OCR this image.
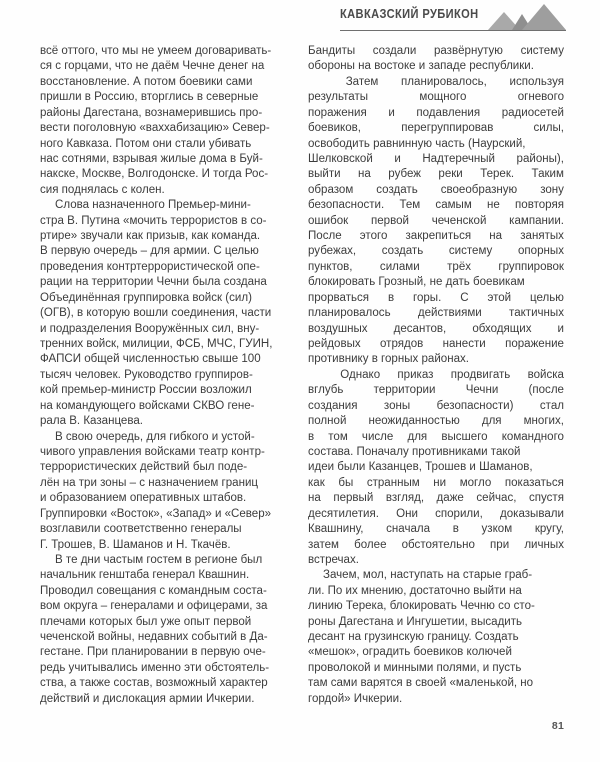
КАВКАЗСКИЙ РУБИКОН

всё оттого, что мы не умеем договаривать-
ся с горцами, что не даём Чечне денег на
восстановление. А потом боевики сами
пришли в Россию, вторглись в северные
районы Дагестана, вознамерившись про-
вести поголовную «ваххабизацию» Север-
ного Кавказа. Потом они стали убивать
нас сотнями, взрывая жилые дома в Буй-
накске, Москве, Волгодонске. И тогда Рос-
сия поднялась с колен.

Слова назначенного Премьер-мини-
стра В. Путина «мочить террористов в со-
ртире» звучали как призыв, как команда.
В первую очередь – для армии. С целью
проведения контртеррористической опе-
рации на территории Чечни была создана
Объединённая группировка войск (сил)
(ОГВ), в которую вошли соединения, части
и подразделения Вооружённых сил, вну-
тренних войск, милиции, ФСБ, МЧС, ГУИН,
ФАПСИ общей численностью свыше 100
тысяч человек. Руководство группиров-
кой премьер-министр России возложил
на командующего войсками СКВО гене-
рала В. Казанцева.

В свою очередь, для гибкого и устой-
чивого управления войсками театр контр-
террористических действий был поде-
лён на три зоны – с назначением границ
и образованием оперативных штабов.
Группировки «Восток», «Запад» и «Север»
возглавили соответственно генералы
Г. Трошев, В. Шаманов и Н. Ткачёв.

В те дни частым гостем в регионе был
начальник генштаба генерал Квашнин.
Проводил совещания с командным соста-
вом округа – генералами и офицерами, за
плечами которых был уже опыт первой
чеченской войны, недавних событий в Да-
гестане. При планировании в первую оче-
редь учитывались именно эти обстоятель-
ства, а также состав, возможный характер
действий и дислокация армии Ичкерии.

Бандиты создали развёрнутую систему
обороны на востоке и западе республики.

Затем планировалось, используя
результаты	мощного	огневого
поражения и подавления радиосетей
боевиков,	перегруппировав	силы,
освободить равнинную часть (Наурский,
Шелковской и Надтеречный районы),
выйти на рубеж реки Терек. Таким
образом создать своеобразную зону
безопасности. Тем самым не повторяя
ошибок первой чеченской кампании.
После этого закрепиться на занятых
рубежах, создать систему опорных
пунктов, силами трёх группировок
блокировать Грозный, не дать боевикам
прорваться в горы. С этой целью
планировалось действиями тактичных
воздушных десантов, обходящих и
рейдовых отрядов нанести поражение
противнику в горных районах.

Однако приказ продвигать войска
вглубь	территории	Чечни	(после
создания зоны безопасности) стал
полной неожиданностью для многих,
в том числе для высшего командного
состава. Поначалу противниками такой
идеи были Казанцев, Трошев и Шаманов,
как бы странным ни могло показаться
на первый взгляд, даже сейчас, спустя
десятилетия. Они спорили, доказывали
Квашнину, сначала в узком кругу,
затем более обстоятельно при личных
встречах.

Зачем, мол, наступать на старые граб-
ли. По их мнению, достаточно выйти на
линию Терека, блокировать Чечню со сто-
роны Дагестана и Ингушетии, высадить
десант на грузинскую границу. Создать
«мешок», оградить боевиков колючей
проволокой и минными полями, и пусть
там сами варятся в своей «маленькой, но
гордой» Ичкерии.

81
